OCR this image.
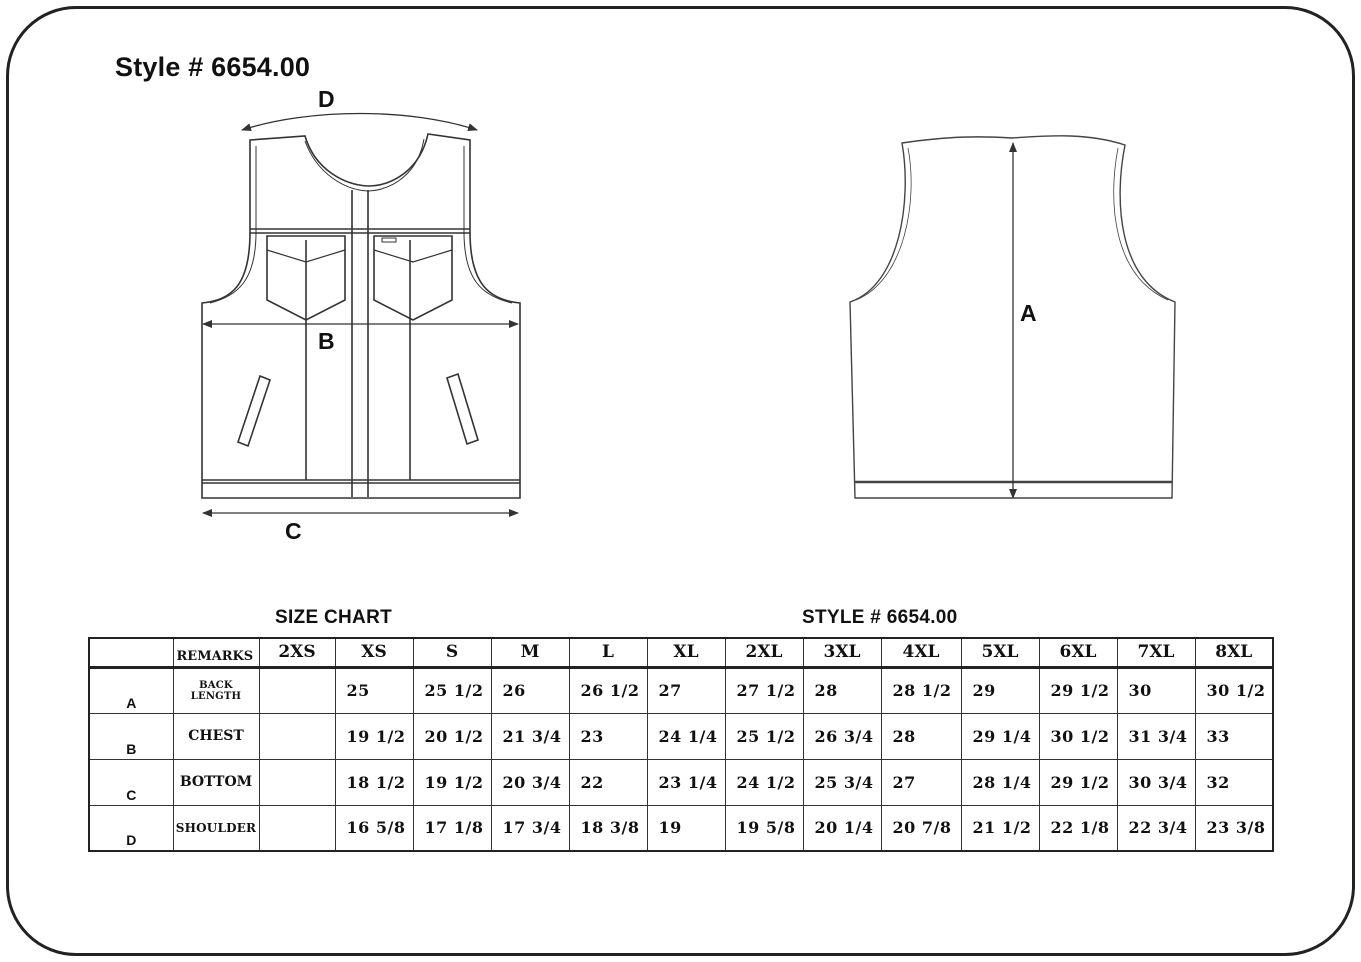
Style # 6654.00
D
B
C
A
SIZE CHART	STYLE # 6654.00
	REMARKS	2XS	XS	S	M	L	XL	2XL	3XL	4XL	5XL	6XL	7XL	8XL
A	BACK LENGTH		25	25 1/2	26	26 1/2	27	27 1/2	28	28 1/2	29	29 1/2	30	30 1/2
B	CHEST		19 1/2	20 1/2	21 3/4	23	24 1/4	25 1/2	26 3/4	28	29 1/4	30 1/2	31 3/4	33
C	BOTTOM		18 1/2	19 1/2	20 3/4	22	23 1/4	24 1/2	25 3/4	27	28 1/4	29 1/2	30 3/4	32
D	SHOULDER		16 5/8	17 1/8	17 3/4	18 3/8	19	19 5/8	20 1/4	20 7/8	21 1/2	22 1/8	22 3/4	23 3/8
